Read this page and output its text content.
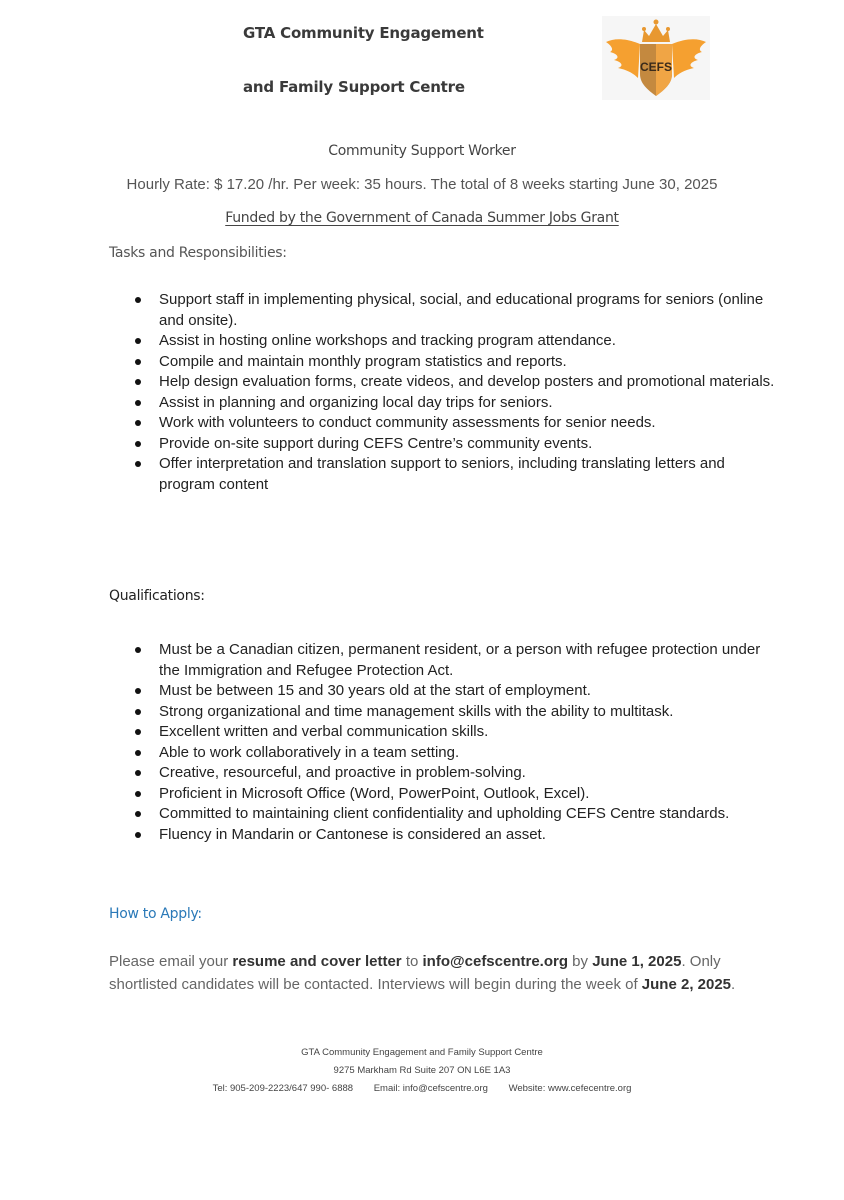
GTA Community Engagement
and Family Support Centre
CEFS
Community Support Worker
Hourly Rate: $ 17.20 /hr. Per week: 35 hours. The total of 8 weeks starting June 30, 2025
Funded by the Government of Canada Summer Jobs Grant
Tasks and Responsibilities:
Support staff in implementing physical, social, and educational programs for seniors (online and onsite).
Assist in hosting online workshops and tracking program attendance.
Compile and maintain monthly program statistics and reports.
Help design evaluation forms, create videos, and develop posters and promotional materials.
Assist in planning and organizing local day trips for seniors.
Work with volunteers to conduct community assessments for senior needs.
Provide on-site support during CEFS Centre’s community events.
Offer interpretation and translation support to seniors, including translating letters and program content
Qualifications:
Must be a Canadian citizen, permanent resident, or a person with refugee protection under the Immigration and Refugee Protection Act.
Must be between 15 and 30 years old at the start of employment.
Strong organizational and time management skills with the ability to multitask.
Excellent written and verbal communication skills.
Able to work collaboratively in a team setting.
Creative, resourceful, and proactive in problem-solving.
Proficient in Microsoft Office (Word, PowerPoint, Outlook, Excel).
Committed to maintaining client confidentiality and upholding CEFS Centre standards.
Fluency in Mandarin or Cantonese is considered an asset.
How to Apply:
Please email your resume and cover letter to info@cefscentre.org by June 1, 2025. Only shortlisted candidates will be contacted. Interviews will begin during the week of June 2, 2025.
GTA Community Engagement and Family Support Centre
9275 Markham Rd Suite 207 ON L6E 1A3
Tel: 905-209-2223/647 990- 6888 Email: info@cefscentre.org Website: www.cefecentre.org
